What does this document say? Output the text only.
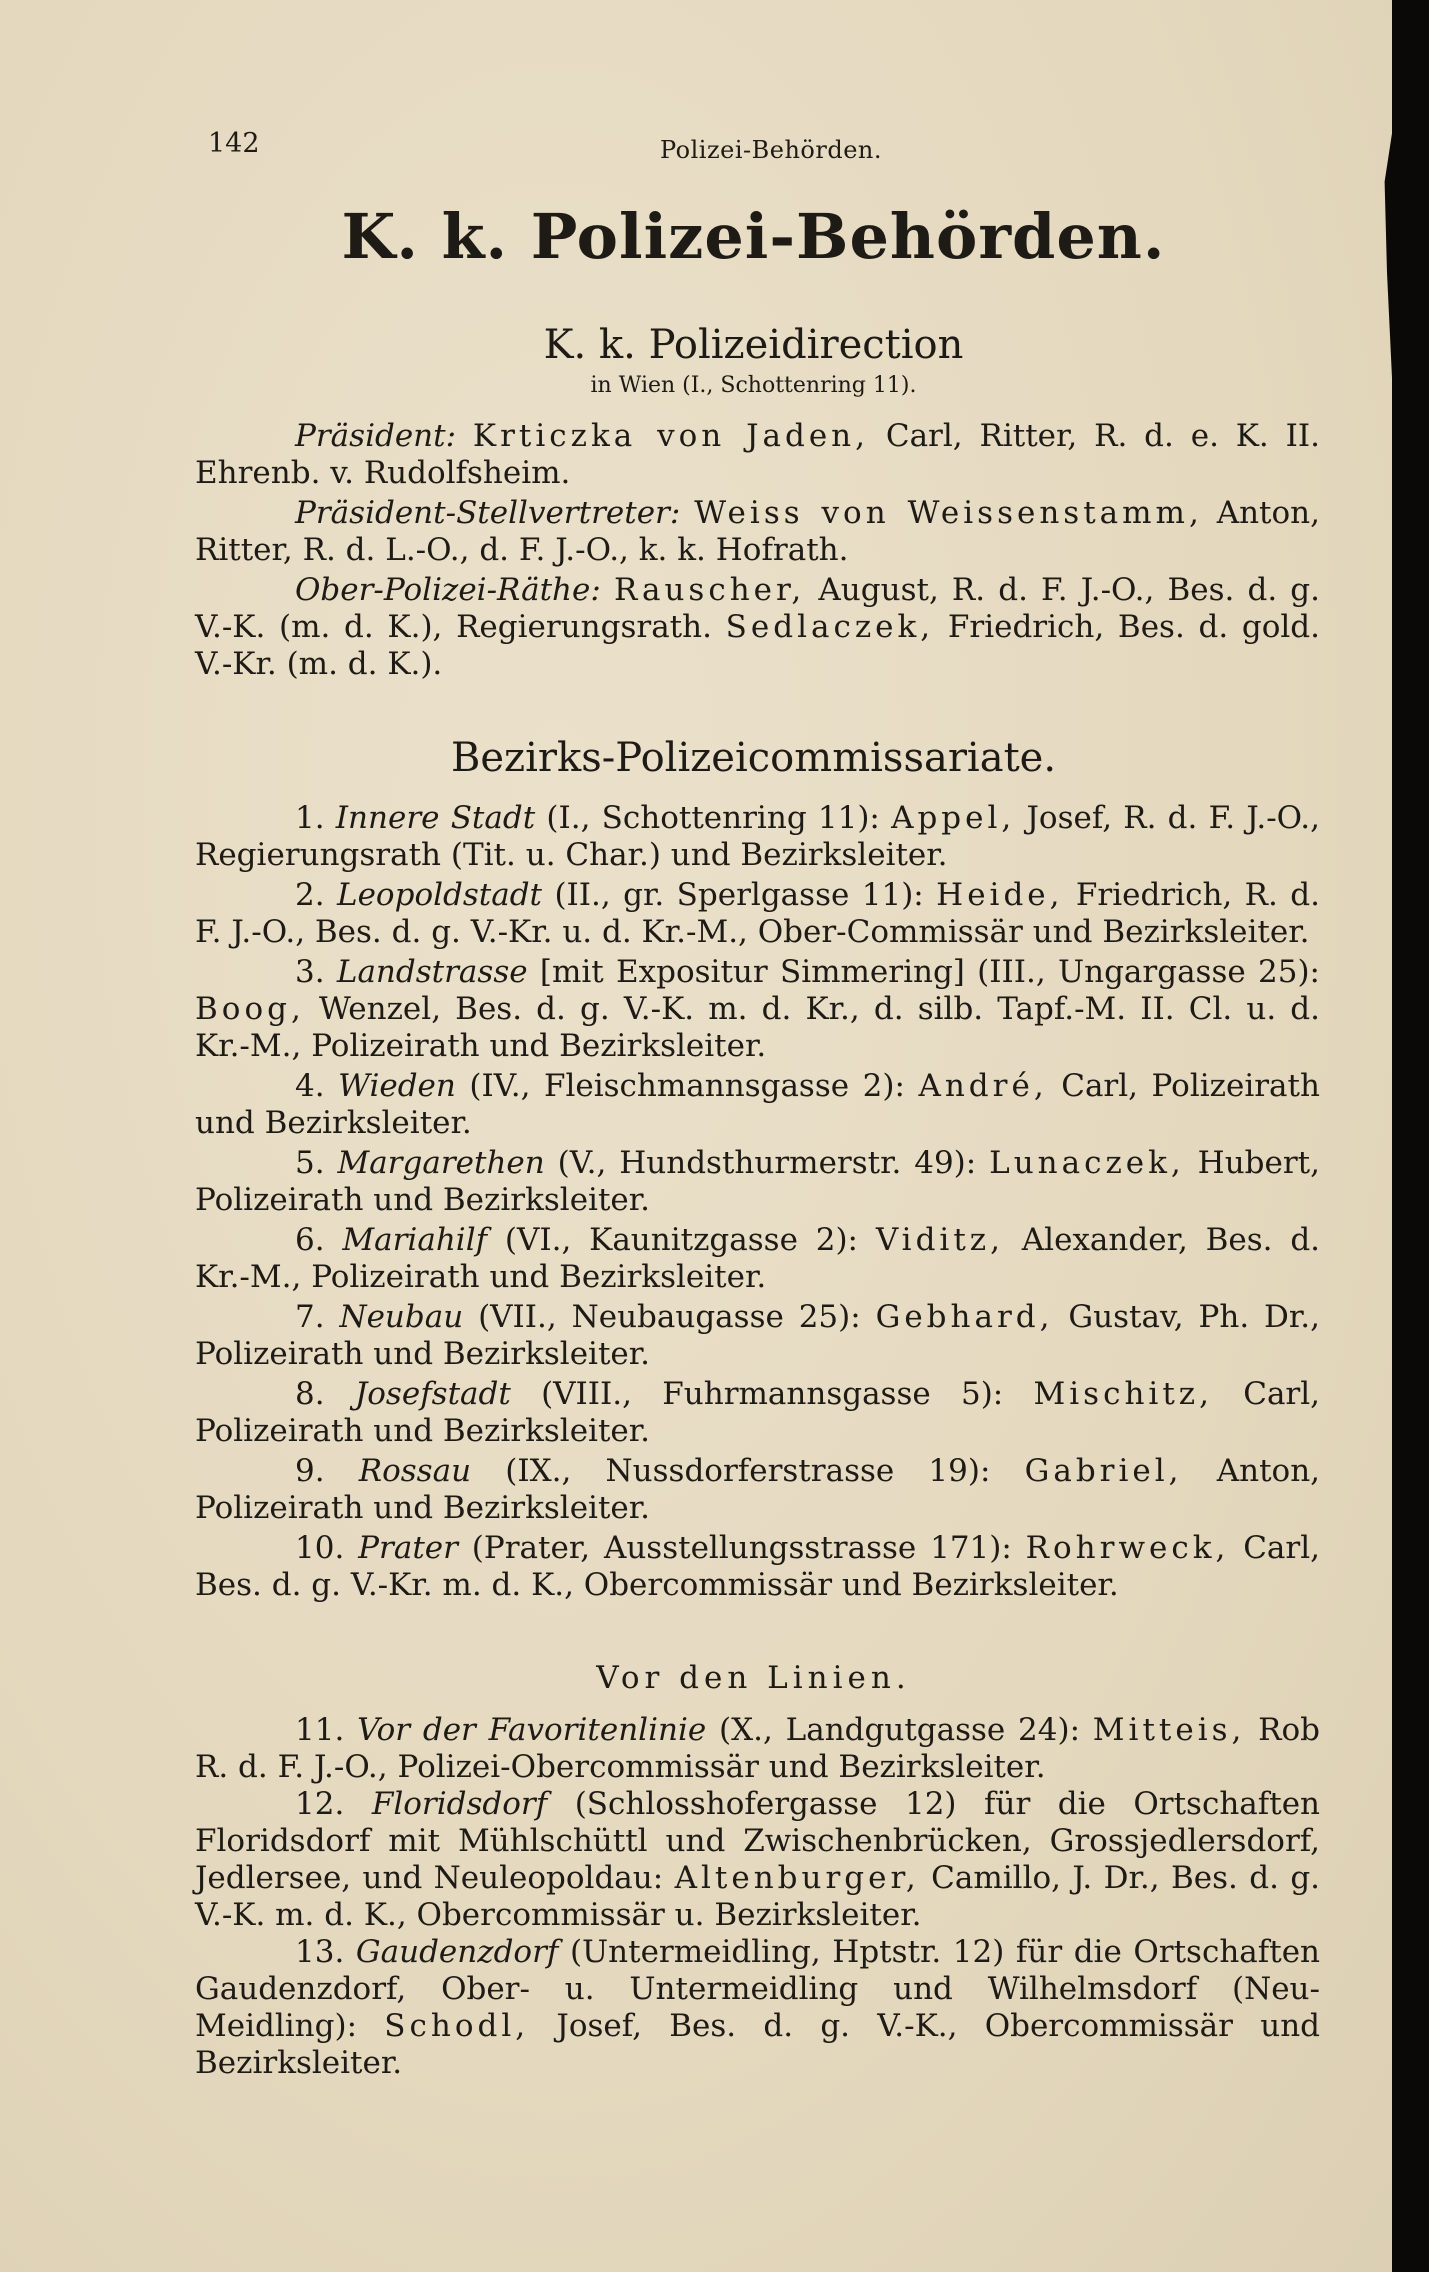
142	Polizei-Behörden.
K. k. Polizei-Behörden.
K. k. Polizeidirection
in Wien (I., Schottenring 11).

Präsident: Krticzka von Jaden, Carl, Ritter, R. d. e. K. II. Ehrenb. v. Rudolfsheim.

Präsident-Stellvertreter: Weiss von Weissenstamm, Anton, Ritter, R. d. L.-O., d. F. J.-O., k. k. Hofrath.

Ober-Polizei-Räthe: Rauscher, August, R. d. F. J.-O., Bes. d. g. V.-K. (m. d. K.), Regierungsrath. Sedlaczek, Friedrich, Bes. d. gold. V.-Kr. (m. d. K.).

Bezirks-Polizeicommissariate.

1. Innere Stadt (I., Schottenring 11): Appel, Josef, R. d. F. J.-O., Regierungsrath (Tit. u. Char.) und Bezirksleiter.

2. Leopoldstadt (II., gr. Sperlgasse 11): Heide, Friedrich, R. d. F. J.-O., Bes. d. g. V.-Kr. u. d. Kr.-M., Ober-Commissär und Bezirksleiter.

3. Landstrasse [mit Expositur Simmering] (III., Ungargasse 25): Boog, Wenzel, Bes. d. g. V.-K. m. d. Kr., d. silb. Tapf.-M. II. Cl. u. d. Kr.-M., Polizeirath und Bezirksleiter.

4. Wieden (IV., Fleischmannsgasse 2): André, Carl, Polizeirath und Bezirksleiter.

5. Margarethen (V., Hundsthurmerstr. 49): Lunaczek, Hubert, Polizeirath und Bezirksleiter.

6. Mariahilf (VI., Kaunitzgasse 2): Viditz, Alexander, Bes. d. Kr.-M., Polizeirath und Bezirksleiter.

7. Neubau (VII., Neubaugasse 25): Gebhard, Gustav, Ph. Dr., Polizeirath und Bezirksleiter.

8. Josefstadt (VIII., Fuhrmannsgasse 5): Mischitz, Carl, Polizeirath und Bezirksleiter.

9. Rossau (IX., Nussdorferstrasse 19): Gabriel, Anton, Polizeirath und Bezirksleiter.

10. Prater (Prater, Ausstellungsstrasse 171): Rohrweck, Carl, Bes. d. g. V.-Kr. m. d. K., Obercommissär und Bezirksleiter.

Vor den Linien.

11. Vor der Favoritenlinie (X., Landgutgasse 24): Mitteis, Rob R. d. F. J.-O., Polizei-Obercommissär und Bezirksleiter.

12. Floridsdorf (Schlosshofergasse 12) für die Ortschaften Floridsdorf mit Mühlschüttl und Zwischenbrücken, Grossjedlersdorf, Jedlersee, und Neuleopoldau: Altenburger, Camillo, J. Dr., Bes. d. g. V.-K. m. d. K., Obercommissär u. Bezirksleiter.

13. Gaudenzdorf (Untermeidling, Hptstr. 12) für die Ortschaften Gaudenzdorf, Ober- u. Untermeidling und Wilhelmsdorf (Neu-Meidling): Schodl, Josef, Bes. d. g. V.-K., Obercommissär und Bezirksleiter.
